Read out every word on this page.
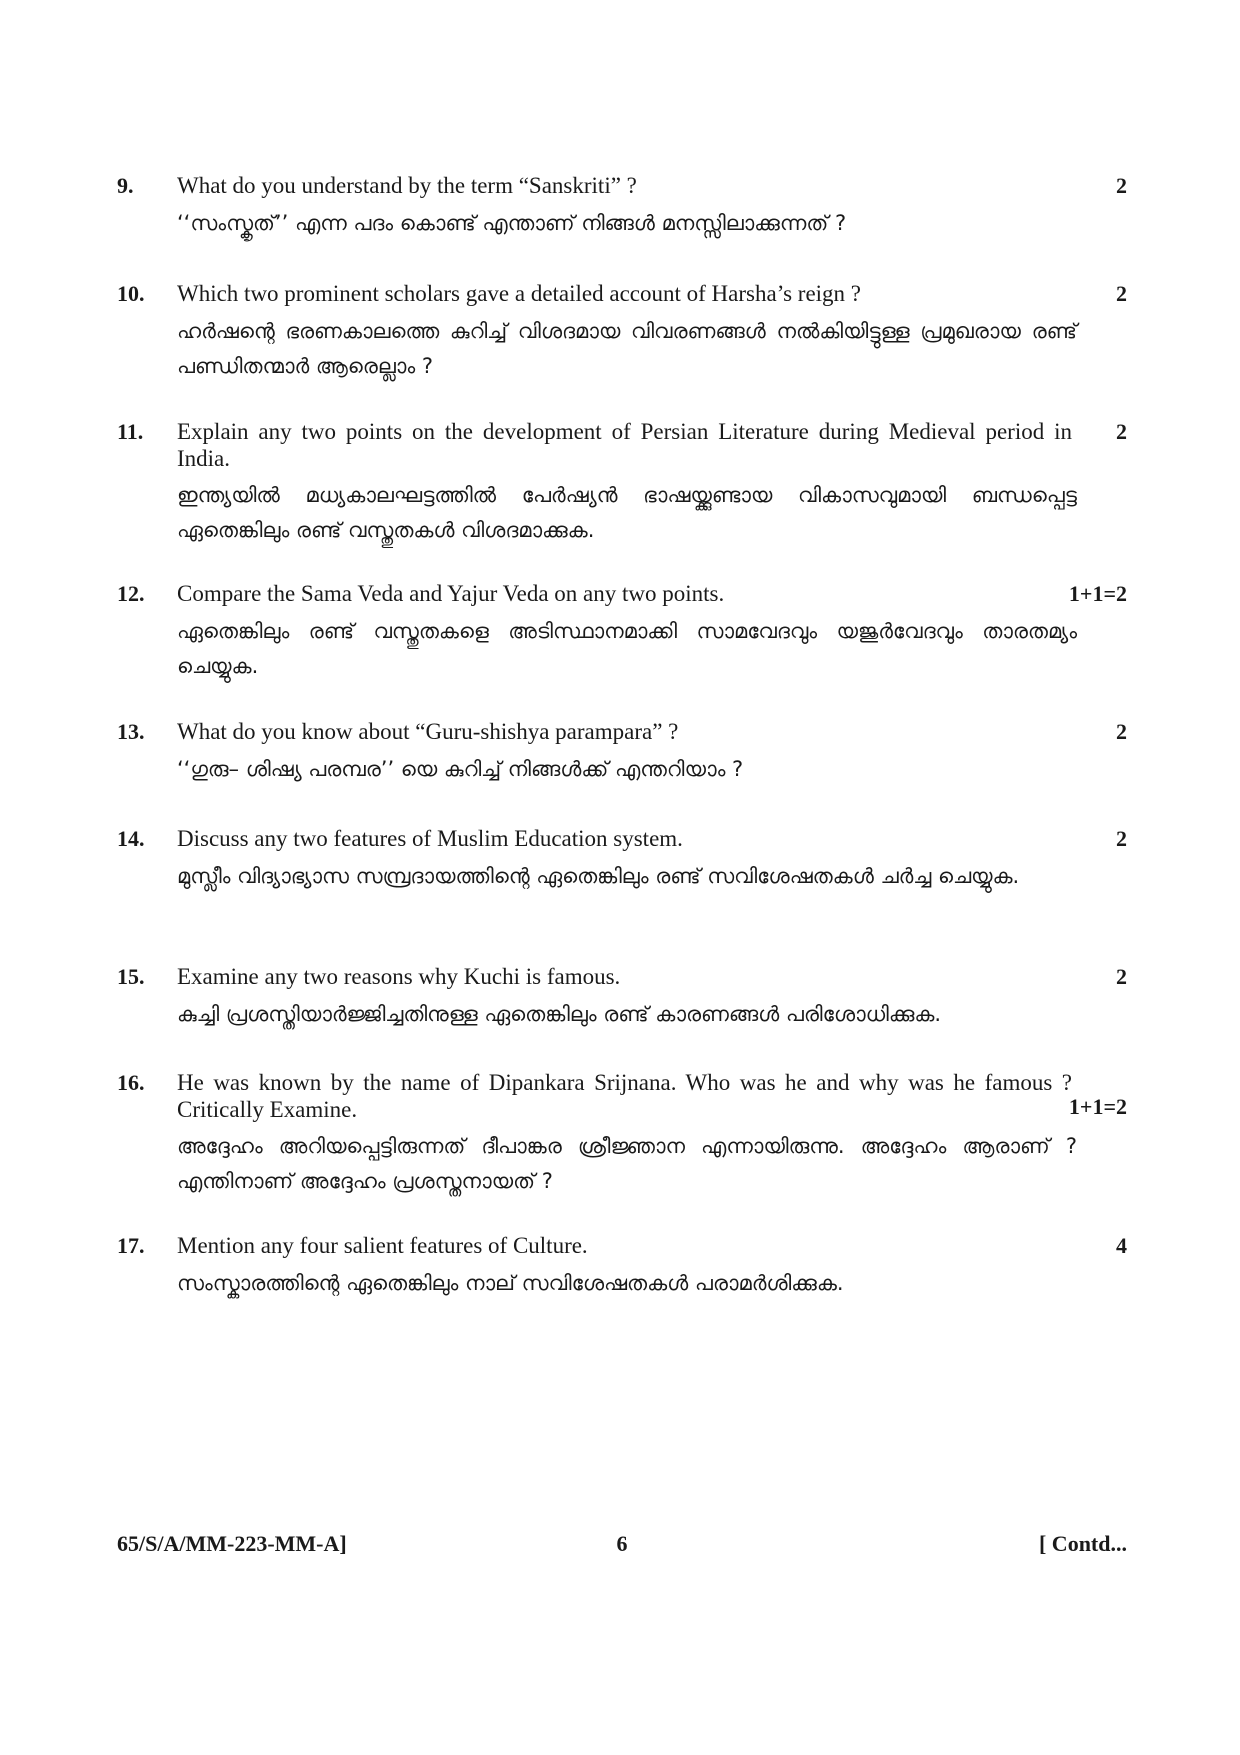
9.	What do you understand by the term “Sanskriti” ?	2
‘‘സംസ്കൃത്’’ എന്ന പദം കൊണ്ട് എന്താണ് നിങ്ങൾ മനസ്സിലാക്കുന്നത് ?
10.	Which two prominent scholars gave a detailed account of Harsha’s reign ?	2
ഹർഷന്റെ ഭരണകാലത്തെ കുറിച്ച് വിശദമായ വിവരണങ്ങൾ നൽകിയിട്ടുള്ള പ്രമുഖരായ രണ്ട് പണ്ഡിതന്മാർ ആരെല്ലാം ?
11.	Explain any two points on the development of Persian Literature during Medieval period in India.
2
ഇന്ത്യയിൽ മധ്യകാലഘട്ടത്തിൽ പേർഷ്യൻ ഭാഷയ്ക്കുണ്ടായ വികാസവുമായി ബന്ധപ്പെട്ട ഏതെങ്കിലും രണ്ട് വസ്തുതകൾ വിശദമാക്കുക.
12.	Compare the Sama Veda and Yajur Veda on any two points.	1+1=2
ഏതെങ്കിലും രണ്ട് വസ്തുതകളെ അടിസ്ഥാനമാക്കി സാമവേദവും യജുർവേദവും താരതമ്യം ചെയ്യുക.
13.	What do you know about “Guru-shishya parampara” ?	2
‘‘ഗുരു– ശിഷ്യ പരമ്പര’’ യെ കുറിച്ച് നിങ്ങൾക്ക് എന്തറിയാം ?
14.	Discuss any two features of Muslim Education system.	2
മുസ്ലീം വിദ്യാഭ്യാസ സമ്പ്രദായത്തിന്റെ ഏതെങ്കിലും രണ്ട് സവിശേഷതകൾ ചർച്ച ചെയ്യുക.
15.	Examine any two reasons why Kuchi is famous.	2
കുച്ചി പ്രശസ്തിയാർജ്ജിച്ചതിനുള്ള ഏതെങ്കിലും രണ്ട് കാരണങ്ങൾ പരിശോധിക്കുക.
16.	He was known by the name of Dipankara Srijnana. Who was he and why was he famous ? Critically Examine.	1+1=2
അദ്ദേഹം അറിയപ്പെട്ടിരുന്നത് ദീപാങ്കര ശ്രീജ്ഞാന എന്നായിരുന്നു. അദ്ദേഹം ആരാണ് ? എന്തിനാണ് അദ്ദേഹം പ്രശസ്തനായത് ?
17.	Mention any four salient features of Culture.	4
സംസ്കാരത്തിന്റെ ഏതെങ്കിലും നാല് സവിശേഷതകൾ പരാമർശിക്കുക.
65/S/A/MM-223-MM-A]	6	[ Contd...
